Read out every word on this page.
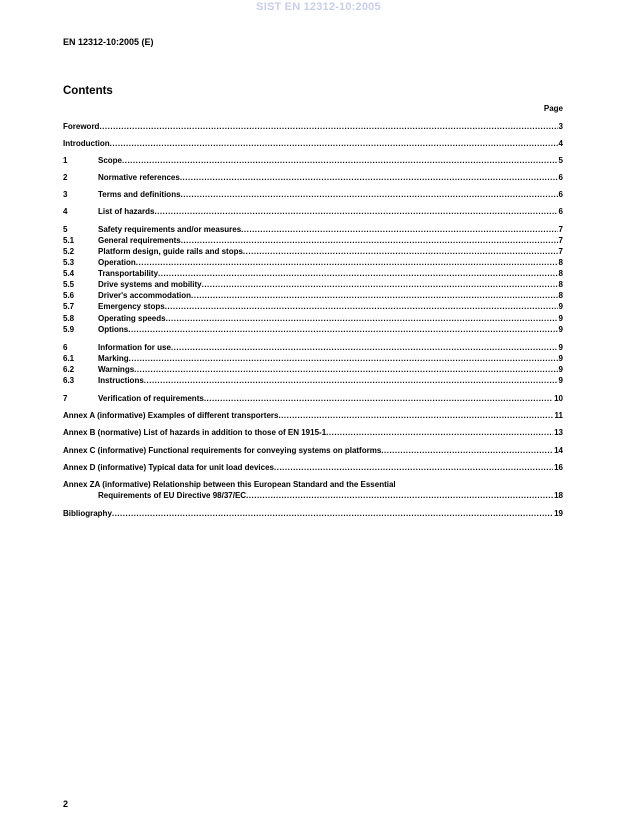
SIST EN 12312-10:2005
EN 12312-10:2005 (E)
Contents
Page
Foreword .....	3
Introduction .....	4
1	Scope .....	5
2	Normative references .....	6
3	Terms and definitions .....	6
4	List of hazards .....	6
5	Safety requirements and/or measures .....	7
5.1	General requirements .....	7
5.2	Platform design, guide rails and stops .....	7
5.3	Operation .....	8
5.4	Transportability .....	8
5.5	Drive systems and mobility .....	8
5.6	Driver's accommodation .....	8
5.7	Emergency stops .....	9
5.8	Operating speeds .....	9
5.9	Options .....	9
6	Information for use .....	9
6.1	Marking .....	9
6.2	Warnings .....	9
6.3	Instructions .....	9
7	Verification of requirements .....	10
Annex A (informative) Examples of different transporters .....	11
Annex B (normative) List of hazards in addition to those of EN 1915-1 .....	13
Annex C (informative) Functional requirements for conveying systems on platforms .....	14
Annex D (informative) Typical data for unit load devices .....	16
Annex ZA (informative) Relationship between this European Standard and the Essential
Requirements of EU Directive 98/37/EC .....	18
Bibliography .....	19
2
